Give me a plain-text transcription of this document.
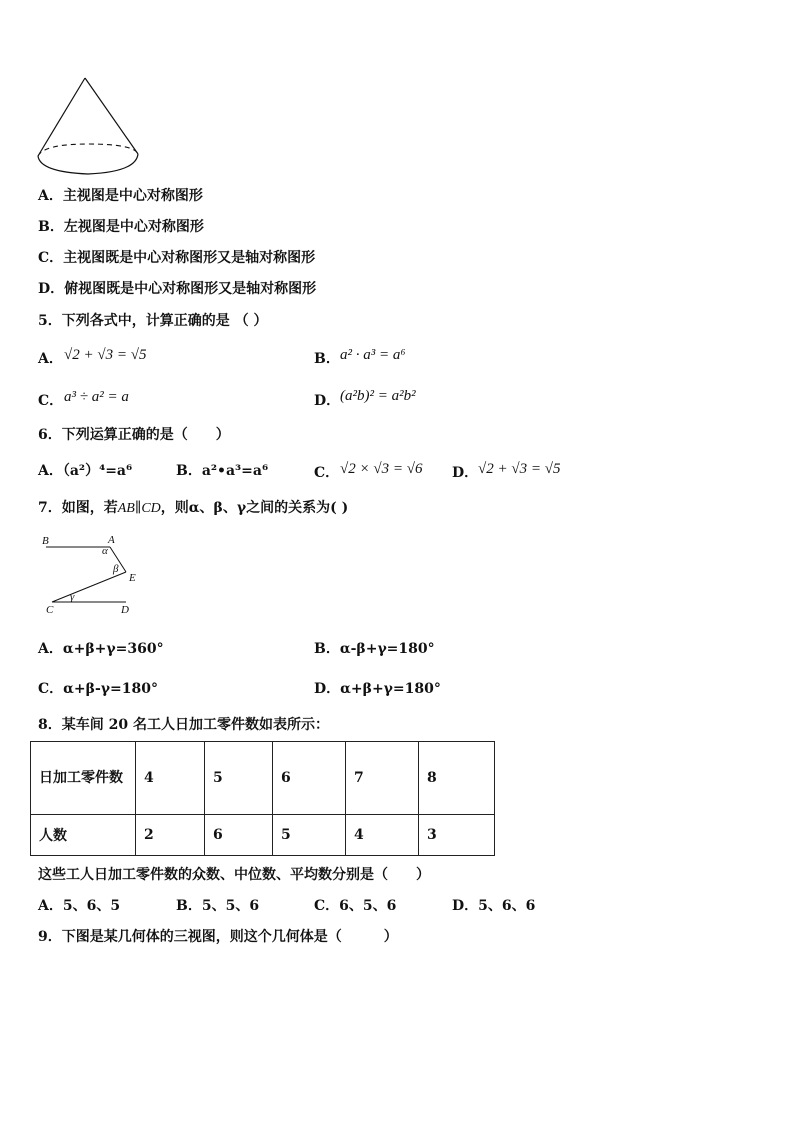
A．主视图是中心对称图形
B．左视图是中心对称图形
C．主视图既是中心对称图形又是轴对称图形
D．俯视图既是中心对称图形又是轴对称图形
5．下列各式中，计算正确的是 （ ）
A． √2 + √3 = √5	B． a² · a³ = a⁶
C． a³ ÷ a² = a	D． (a²b)² = a²b²
6．下列运算正确的是（　　）
A．（a²）⁴=a⁶	B．a²•a³=a⁶	C． √2 × √3 = √6 D． √2 + √3 = √5
7．如图，若AB∥CD，则α、β、γ之间的关系为( )
B	A
α
β
E
γ
C	D
A．α+β+γ=360°	B．α-β+γ=180°
C．α+β-γ=180°	D．α+β+γ=180°
8．某车间 20 名工人日加工零件数如表所示：
日加工零件数	4	5	6	7	8
人数	2	6	5	4	3
这些工人日加工零件数的众数、中位数、平均数分别是（　　）
A．5、6、5	B．5、5、6	C．6、5、6	D．5、6、6
9．下图是某几何体的三视图，则这个几何体是（　　　）
